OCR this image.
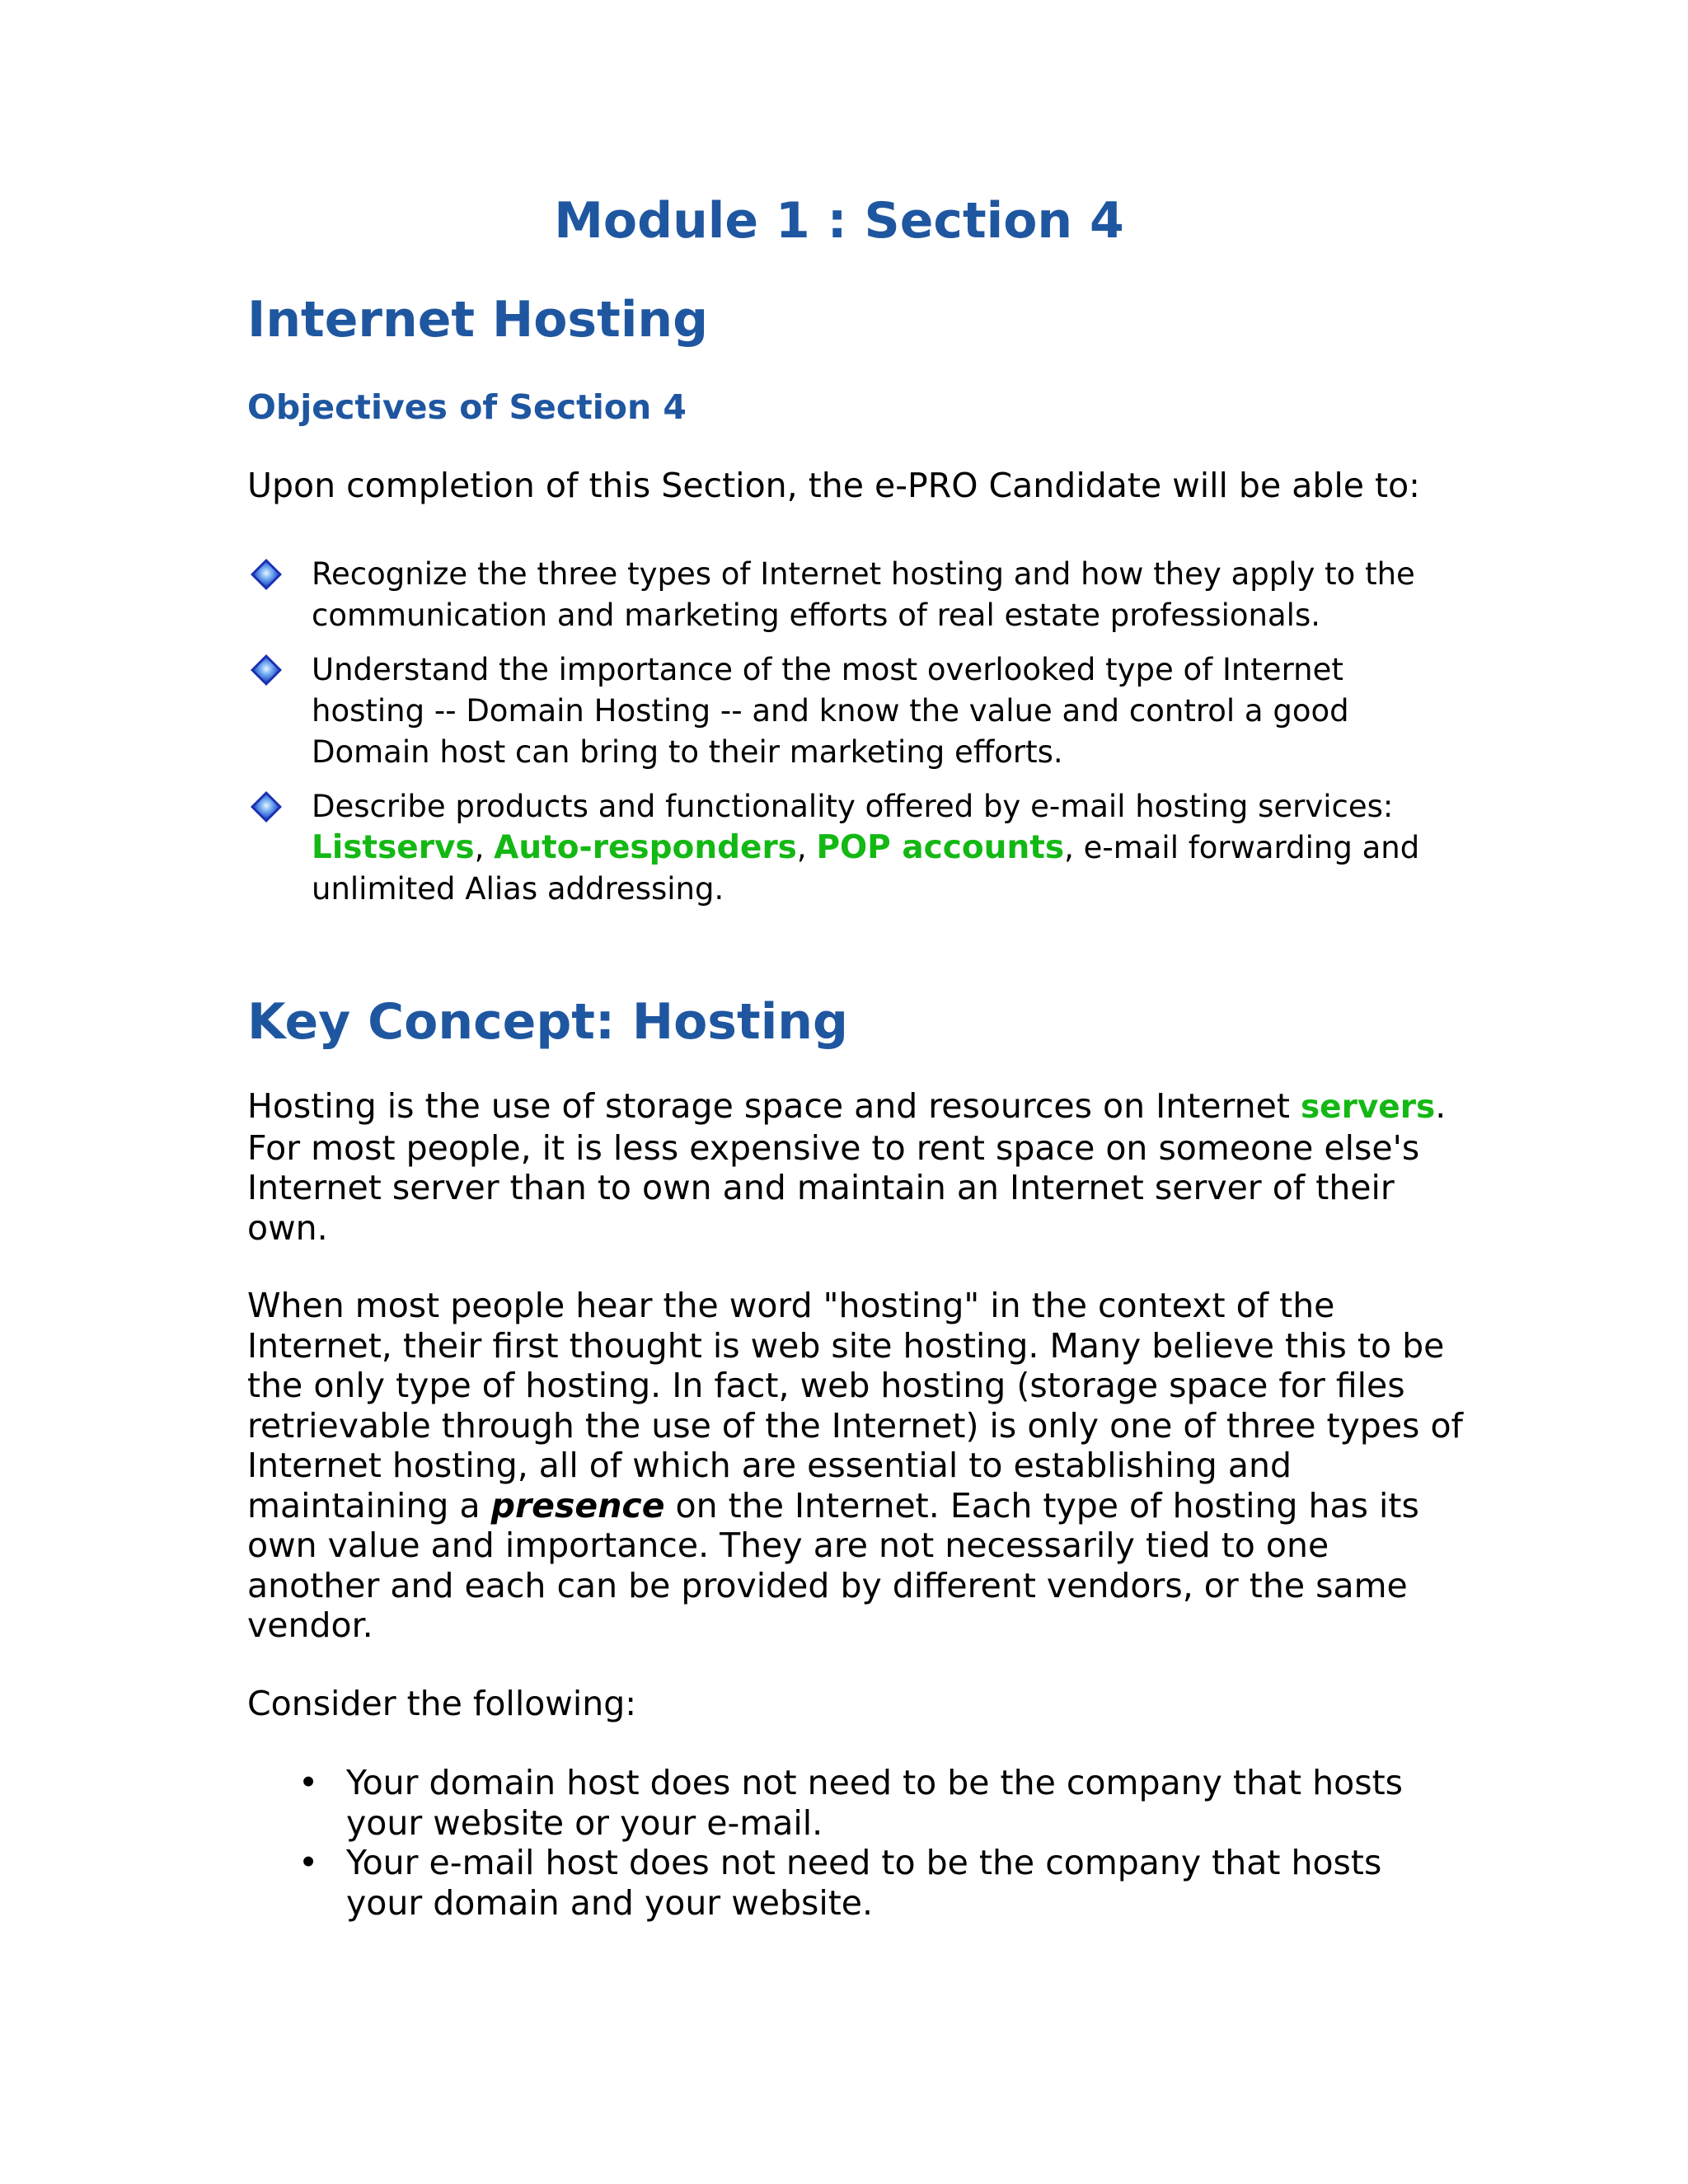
Module 1 : Section 4
Internet Hosting
Objectives of Section 4

Upon completion of this Section, the e-PRO Candidate will be able to:

Recognize the three types of Internet hosting and how they apply to the communication and marketing efforts of real estate professionals.
Understand the importance of the most overlooked type of Internet hosting -- Domain Hosting -- and know the value and control a good Domain host can bring to their marketing efforts.
Describe products and functionality offered by e-mail hosting services: Listservs, Auto-responders, POP accounts, e-mail forwarding and unlimited Alias addressing.
Key Concept: Hosting

Hosting is the use of storage space and resources on Internet servers. For most people, it is less expensive to rent space on someone else's Internet server than to own and maintain an Internet server of their own.

When most people hear the word "hosting" in the context of the Internet, their first thought is web site hosting. Many believe this to be the only type of hosting. In fact, web hosting (storage space for files retrievable through the use of the Internet) is only one of three types of Internet hosting, all of which are essential to establishing and maintaining a presence on the Internet. Each type of hosting has its own value and importance. They are not necessarily tied to one another and each can be provided by different vendors, or the same vendor.

Consider the following:

• Your domain host does not need to be the company that hosts your website or your e-mail.
• Your e-mail host does not need to be the company that hosts your domain and your website.
